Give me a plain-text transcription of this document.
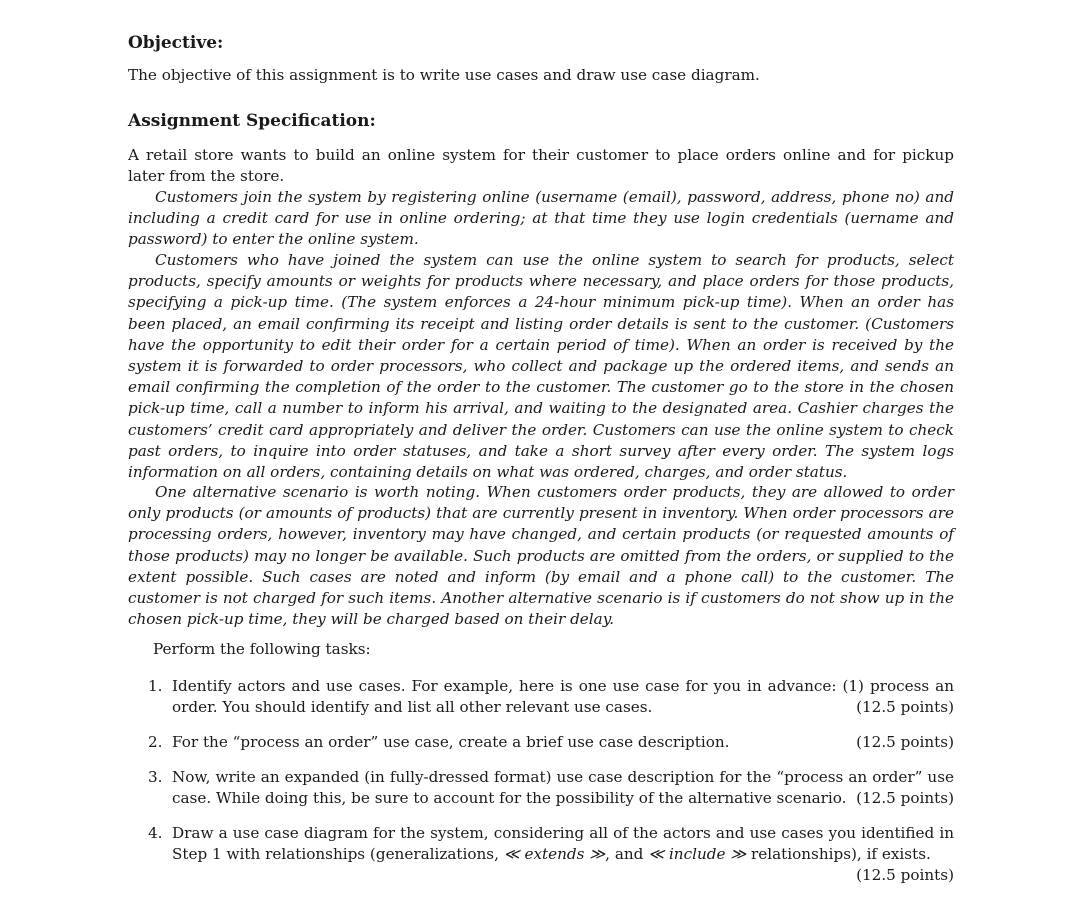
Objective:

The objective of this assignment is to write use cases and draw use case diagram.

Assignment Specification:

A retail store wants to build an online system for their customer to place orders online and for pickup later from the store.

Customers join the system by registering online (username (email), password, address, phone no) and including a credit card for use in online ordering; at that time they use login credentials (uername and password) to enter the online system.

Customers who have joined the system can use the online system to search for products, select products, specify amounts or weights for products where necessary, and place orders for those products, specifying a pick-up time. (The system enforces a 24-hour minimum pick-up time). When an order has been placed, an email confirming its receipt and listing order details is sent to the customer. (Customers have the opportunity to edit their order for a certain period of time). When an order is received by the system it is forwarded to order processors, who collect and package up the ordered items, and sends an email confirming the completion of the order to the customer. The customer go to the store in the chosen pick-up time, call a number to inform his arrival, and waiting to the designated area. Cashier charges the customers’ credit card appropriately and deliver the order. Customers can use the online system to check past orders, to inquire into order statuses, and take a short survey after every order. The system logs information on all orders, containing details on what was ordered, charges, and order status.

One alternative scenario is worth noting. When customers order products, they are allowed to order only products (or amounts of products) that are currently present in inventory. When order processors are processing orders, however, inventory may have changed, and certain products (or requested amounts of those products) may no longer be available. Such products are omitted from the orders, or supplied to the extent possible. Such cases are noted and inform (by email and a phone call) to the customer. The customer is not charged for such items. Another alternative scenario is if customers do not show up in the chosen pick-up time, they will be charged based on their delay.

Perform the following tasks:

1. Identify actors and use cases. For example, here is one use case for you in advance: (1) process an order. You should identify and list all other relevant use cases.	(12.5 points)
2. For the “process an order” use case, create a brief use case description.	(12.5 points)
3. Now, write an expanded (in fully-dressed format) use case description for the “process an order” use case. While doing this, be sure to account for the possibility of the alternative scenario. (12.5 points)
4. Draw a use case diagram for the system, considering all of the actors and use cases you identified in Step 1 with relationships (generalizations, ≪ extends ≫, and ≪ include ≫ relationships), if exists.
(12.5 points)
